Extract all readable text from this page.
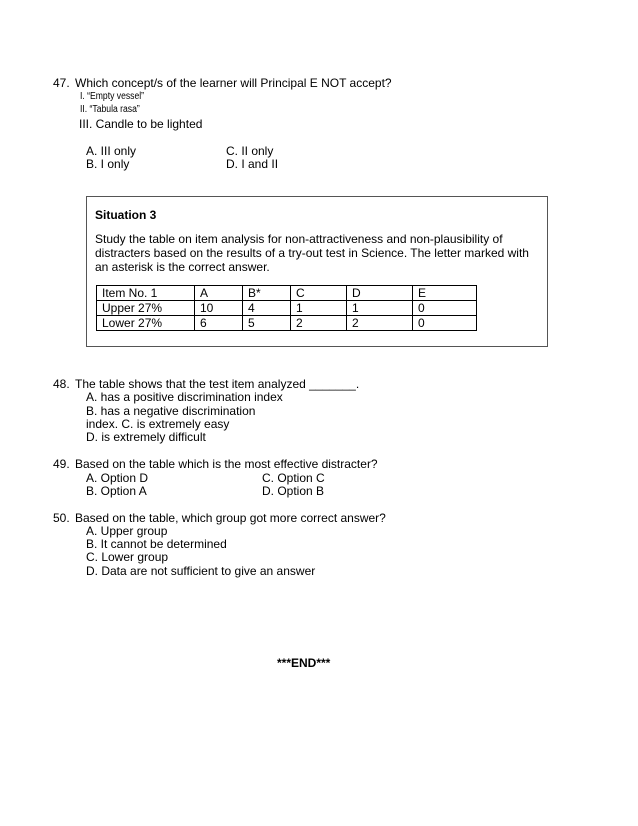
47. Which concept/s of the learner will Principal E NOT accept?
I. “Empty vessel”
II. “Tabula rasa”
III. Candle to be lighted
A. III only
B. I only
C. II only
D. I and II
Situation 3
Study the table on item analysis for non-attractiveness and non-plausibility of distracters based on the results of a try-out test in Science. The letter marked with an asterisk is the correct answer.
Item No. 1	A	B*	C	D	E
Upper 27%	10	4	1	1	0
Lower 27%	6	5	2	2	0
48. The table shows that the test item analyzed _______.
A. has a positive discrimination index
B. has a negative discrimination
index. C. is extremely easy
D. is extremely difficult
49. Based on the table which is the most effective distracter?
A. Option D
B. Option A
C. Option C
D. Option B
50. Based on the table, which group got more correct answer?
A. Upper group
B. It cannot be determined
C. Lower group
D. Data are not sufficient to give an answer
***END***
